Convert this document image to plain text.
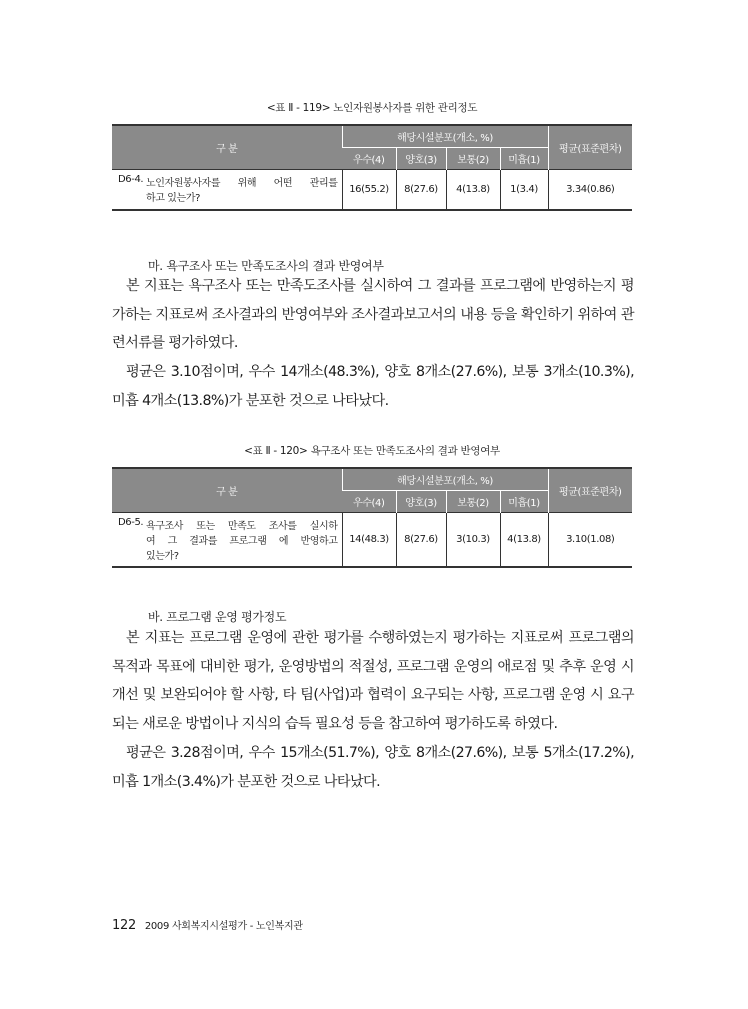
<표 Ⅱ - 119> 노인자원봉사자를 위한 관리정도
구 분	해당시설분포(개소, %)				평균(표준편차)
	우수(4)	양호(3)	보통(2)	미흡(1)	

D6-4. 노인자원봉사자를 위해 어떤 관리를
하고 있는가?	16(55.2)	8(27.6)	4(13.8)	1(3.4)	3.34(0.86)
마. 욕구조사 또는 만족도조사의 결과 반영여부

본 지표는 욕구조사 또는 만족도조사를 실시하여 그 결과를 프로그램에 반영하는지 평가하는 지표로써 조사결과의 반영여부와 조사결과보고서의 내용 등을 확인하기 위하여 관련서류를 평가하였다.

평균은 3.10점이며, 우수 14개소(48.3%), 양호 8개소(27.6%), 보통 3개소(10.3%), 미흡 4개소(13.8%)가 분포한 것으로 나타났다.

<표 Ⅱ - 120> 욕구조사 또는 만족도조사의 결과 반영여부
구 분	해당시설분포(개소, %)				평균(표준편차)
	우수(4)	양호(3)	보통(2)	미흡(1)	

D6-5. 욕구조사 또는 만족도 조사를 실시하
여 그 결과를 프로그램 에 반영하고
있는가?	14(48.3)	8(27.6)	3(10.3)	4(13.8)	3.10(1.08)
바. 프로그램 운영 평가정도

본 지표는 프로그램 운영에 관한 평가를 수행하였는지 평가하는 지표로써 프로그램의 목적과 목표에 대비한 평가, 운영방법의 적절성, 프로그램 운영의 애로점 및 추후 운영 시 개선 및 보완되어야 할 사항, 타 팀(사업)과 협력이 요구되는 사항, 프로그램 운영 시 요구되는 새로운 방법이나 지식의 습득 필요성 등을 참고하여 평가하도록 하였다.

평균은 3.28점이며, 우수 15개소(51.7%), 양호 8개소(27.6%), 보통 5개소(17.2%), 미흡 1개소(3.4%)가 분포한 것으로 나타났다.

122 2009 사회복지시설평가 - 노인복지관
